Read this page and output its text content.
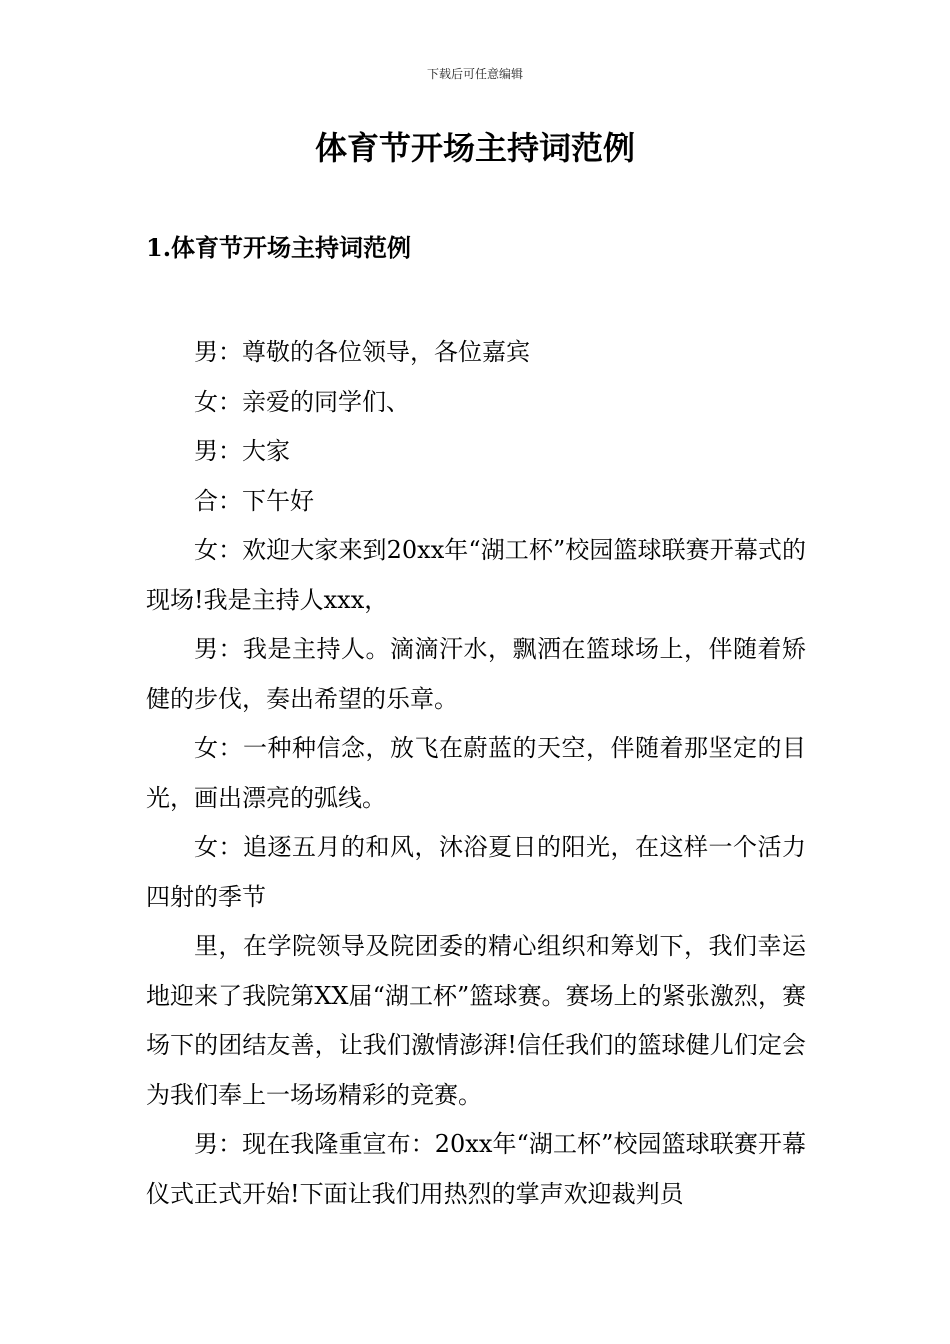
下载后可任意编辑
体育节开场主持词范例
1.体育节开场主持词范例

男：尊敬的各位领导，各位嘉宾

女：亲爱的同学们、

男：大家

合：下午好

女：欢迎大家来到20xx年“湖工杯”校园篮球联赛开幕式的现场!我是主持人xxx，

男：我是主持人。滴滴汗水，飘洒在篮球场上，伴随着矫健的步伐，奏出希望的乐章。

女：一种种信念，放飞在蔚蓝的天空，伴随着那坚定的目光，画出漂亮的弧线。

女：追逐五月的和风，沐浴夏日的阳光，在这样一个活力四射的季节

里，在学院领导及院团委的精心组织和筹划下，我们幸运地迎来了我院第XX届“湖工杯”篮球赛。赛场上的紧张激烈，赛场下的团结友善，让我们激情澎湃!信任我们的篮球健儿们定会为我们奉上一场场精彩的竞赛。

男：现在我隆重宣布：20xx年“湖工杯”校园篮球联赛开幕仪式正式开始!下面让我们用热烈的掌声欢迎裁判员
